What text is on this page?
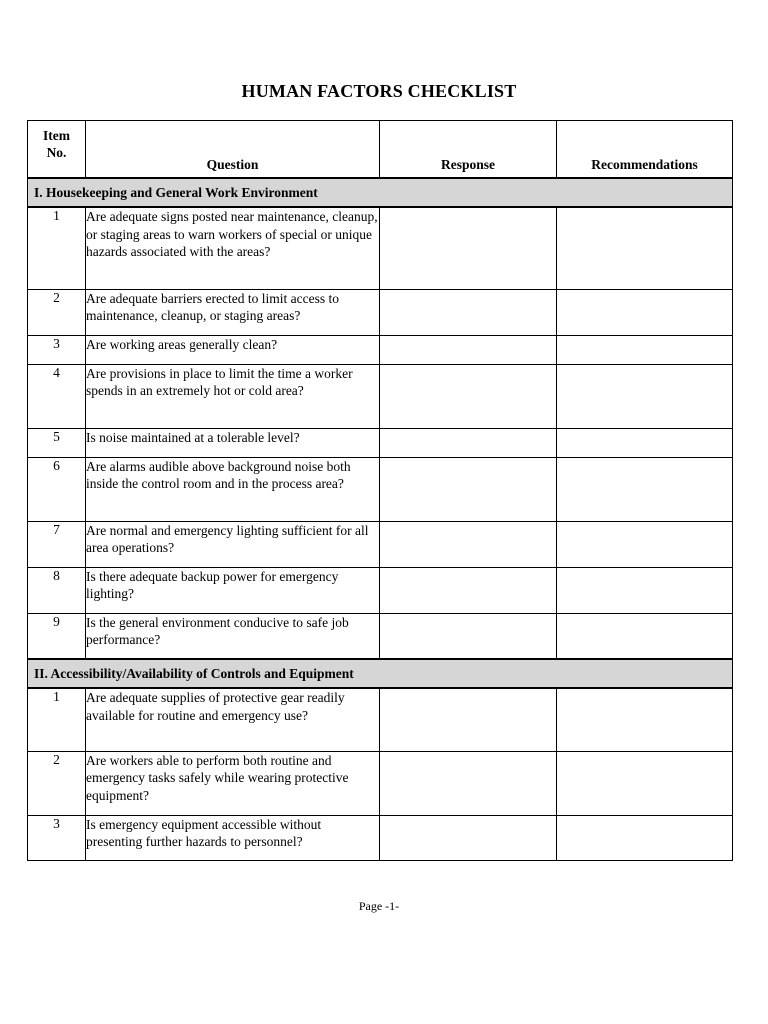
HUMAN FACTORS CHECKLIST
Item
No.	Question	Response	Recommendations
I. Housekeeping and General Work Environment			
1	Are adequate signs posted near maintenance, cleanup, or staging areas to warn workers of special or unique hazards associated with the areas?		
2	Are adequate barriers erected to limit access to maintenance, cleanup, or staging areas?		
3	Are working areas generally clean?		
4	Are provisions in place to limit the time a worker spends in an extremely hot or cold area?		
5	Is noise maintained at a tolerable level?		
6	Are alarms audible above background noise both inside the control room and in the process area?		
7	Are normal and emergency lighting sufficient for all area operations?		
8	Is there adequate backup power for emergency lighting?		
9	Is the general environment conducive to safe job performance?		
II. Accessibility/Availability of Controls and Equipment			
1	Are adequate supplies of protective gear readily available for routine and emergency use?		
2	Are workers able to perform both routine and emergency tasks safely while wearing protective equipment?		
3	Is emergency equipment accessible without presenting further hazards to personnel?		
Page -1-
